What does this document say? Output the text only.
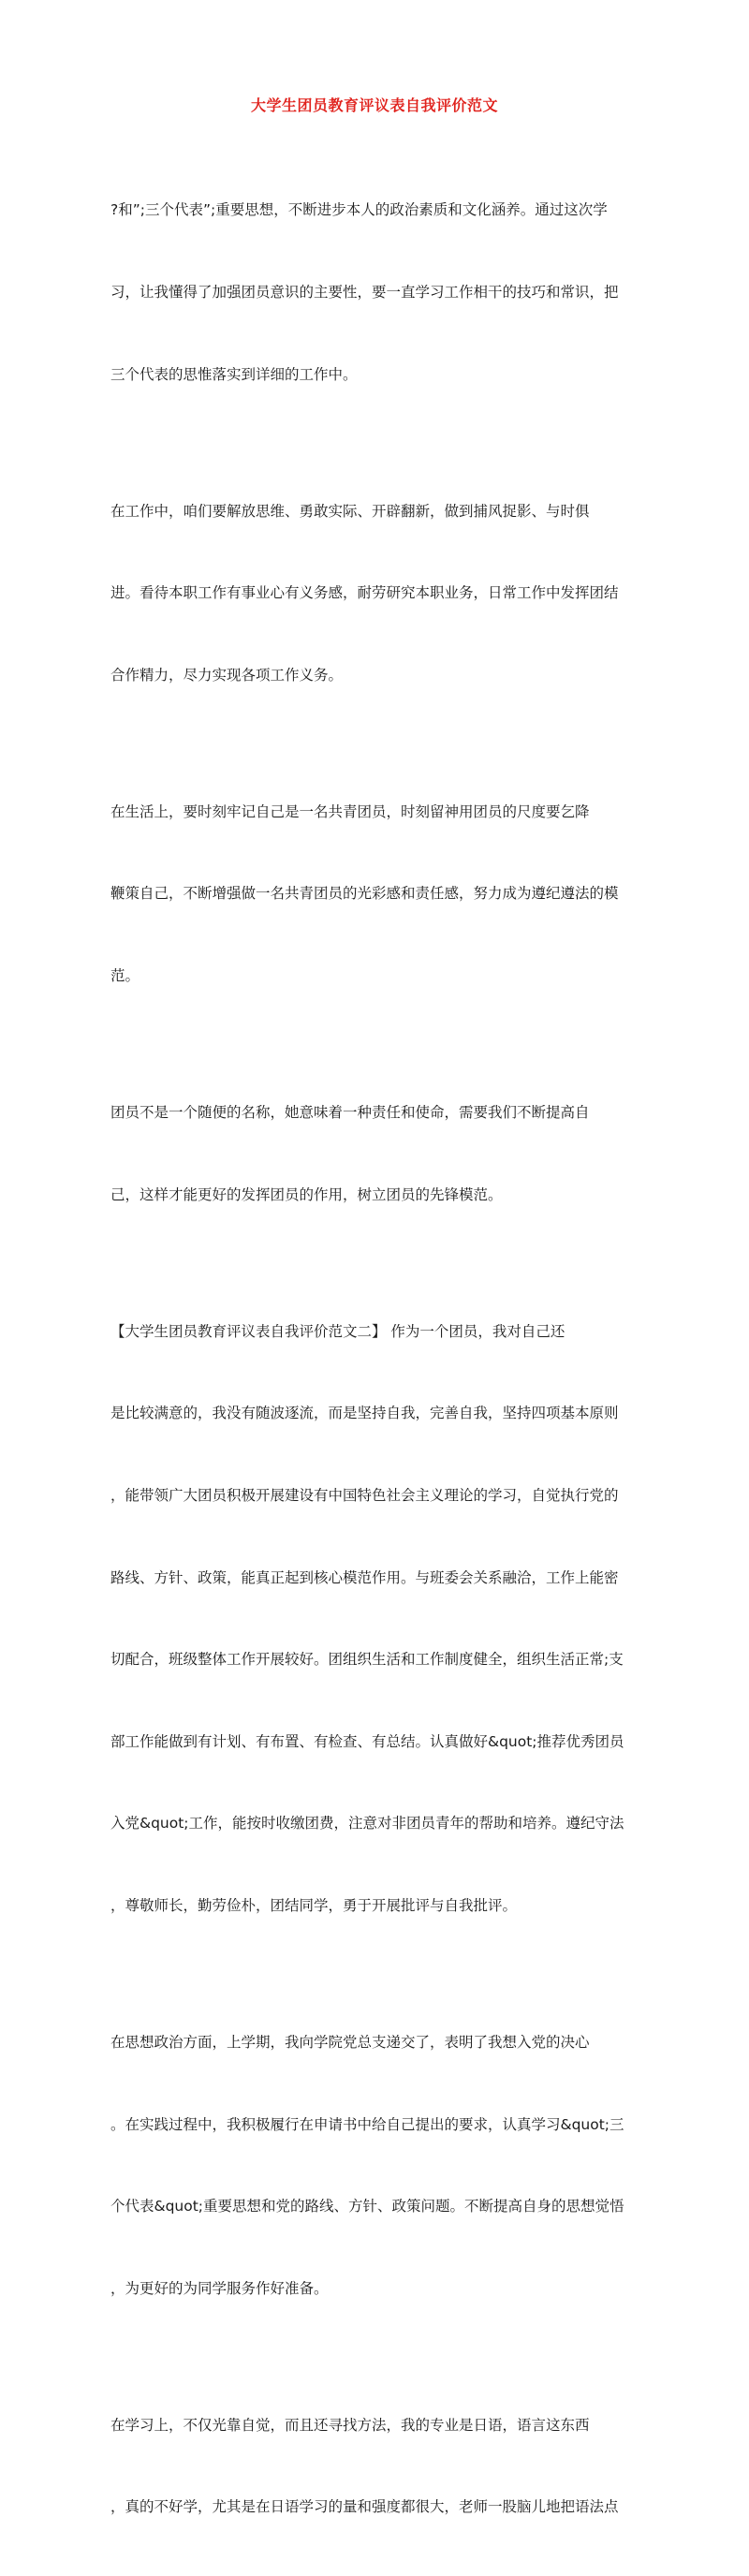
大学生团员教育评议表自我评价范文

?和”;三个代表”;重要思想，不断进步本人的政治素质和文化涵养。通过这次学

习，让我懂得了加强团员意识的主要性，要一直学习工作相干的技巧和常识，把

三个代表的思惟落实到详细的工作中。

在工作中，咱们要解放思维、勇敢实际、开辟翻新，做到捕风捉影、与时俱

进。看待本职工作有事业心有义务感，耐劳研究本职业务，日常工作中发挥团结

合作精力，尽力实现各项工作义务。

在生活上，要时刻牢记自己是一名共青团员，时刻留神用团员的尺度要乞降

鞭策自己，不断增强做一名共青团员的光彩感和责任感，努力成为遵纪遵法的模

范。

团员不是一个随便的名称，她意味着一种责任和使命，需要我们不断提高自

己，这样才能更好的发挥团员的作用，树立团员的先锋模范。

【大学生团员教育评议表自我评价范文二】 作为一个团员，我对自己还

是比较满意的，我没有随波逐流，而是坚持自我，完善自我，坚持四项基本原则

，能带领广大团员积极开展建设有中国特色社会主义理论的学习，自觉执行党的

路线、方针、政策，能真正起到核心模范作用。与班委会关系融洽，工作上能密

切配合，班级整体工作开展较好。团组织生活和工作制度健全，组织生活正常;支

部工作能做到有计划、有布置、有检查、有总结。认真做好&quot;推荐优秀团员

入党&quot;工作，能按时收缴团费，注意对非团员青年的帮助和培养。遵纪守法

，尊敬师长，勤劳俭朴，团结同学，勇于开展批评与自我批评。

在思想政治方面，上学期，我向学院党总支递交了，表明了我想入党的决心

。在实践过程中，我积极履行在申请书中给自己提出的要求，认真学习&quot;三

个代表&quot;重要思想和党的路线、方针、政策问题。不断提高自身的思想觉悟

，为更好的为同学服务作好准备。

在学习上，不仅光靠自觉，而且还寻找方法，我的专业是日语，语言这东西

，真的不好学，尤其是在日语学习的量和强度都很大，老师一股脑儿地把语法点
